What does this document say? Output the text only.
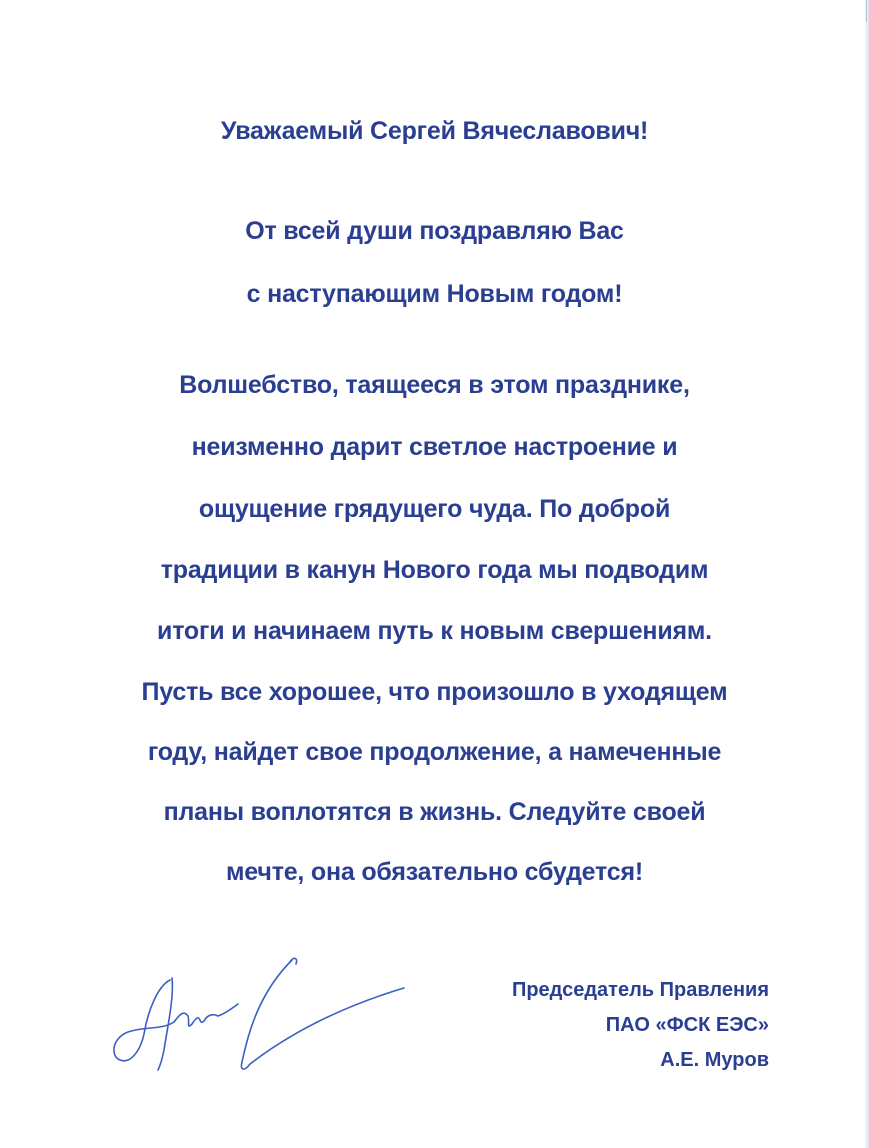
Уважаемый Сергей Вячеславович!
От всей души поздравляю Вас
с наступающим Новым годом!
Волшебство, таящееся в этом празднике,
неизменно дарит светлое настроение и
ощущение грядущего чуда. По доброй
традиции в канун Нового года мы подводим
итоги и начинаем путь к новым свершениям.
Пусть все хорошее, что произошло в уходящем
году, найдет свое продолжение, а намеченные
планы воплотятся в жизнь. Следуйте своей
мечте, она обязательно сбудется!
Председатель Правления
ПАО «ФСК ЕЭС»
А.Е. Муров
